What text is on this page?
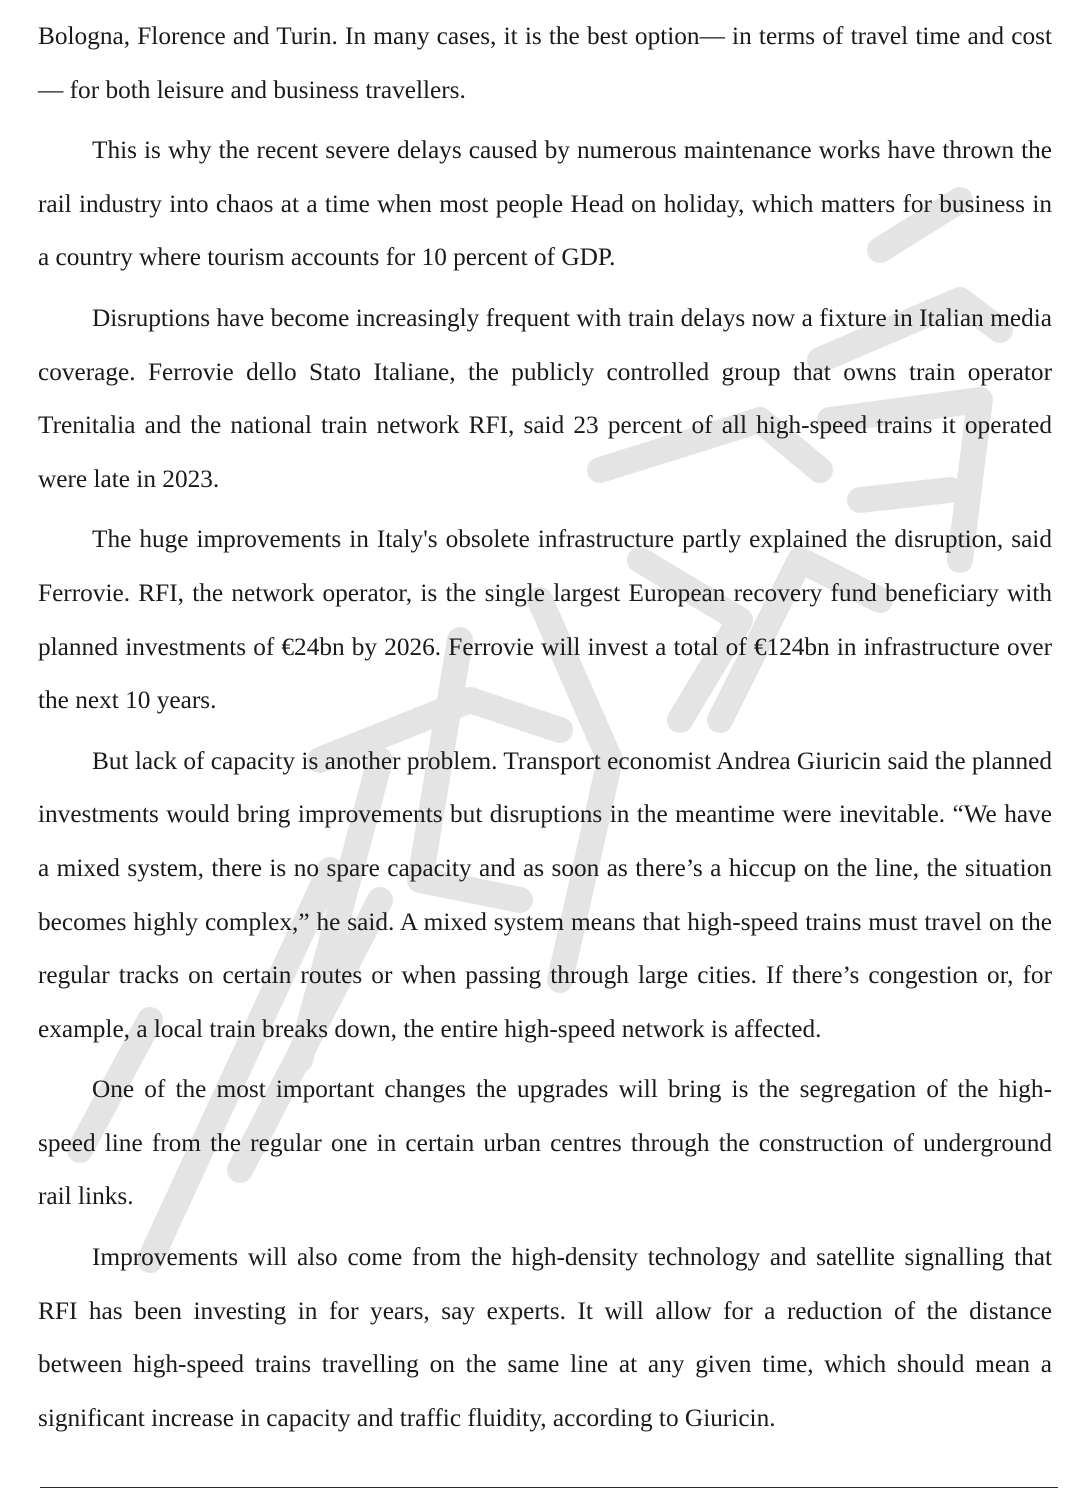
Bologna, Florence and Turin. In many cases, it is the best option— in terms of travel time and cost— for both leisure and business travellers.

This is why the recent severe delays caused by numerous maintenance works have thrown the rail industry into chaos at a time when most people Head on holiday, which matters for business in a country where tourism accounts for 10 percent of GDP.

Disruptions have become increasingly frequent with train delays now a fixture in Italian media coverage. Ferrovie dello Stato Italiane, the publicly controlled group that owns train operator Trenitalia and the national train network RFI, said 23 percent of all high-speed trains it operated were late in 2023.

The huge improvements in Italy's obsolete infrastructure partly explained the disruption, said Ferrovie. RFI, the network operator, is the single largest European recovery fund beneficiary with planned investments of €24bn by 2026. Ferrovie will invest a total of €124bn in infrastructure over the next 10 years.

But lack of capacity is another problem. Transport economist Andrea Giuricin said the planned investments would bring improvements but disruptions in the meantime were inevitable. “We have a mixed system, there is no spare capacity and as soon as there’s a hiccup on the line, the situation becomes highly complex,” he said. A mixed system means that high-speed trains must travel on the regular tracks on certain routes or when passing through large cities. If there’s congestion or, for example, a local train breaks down, the entire high-speed network is affected.

One of the most important changes the upgrades will bring is the segregation of the high-speed line from the regular one in certain urban centres through the construction of underground rail links.

Improvements will also come from the high-density technology and satellite signalling that RFI has been investing in for years, say experts. It will allow for a reduction of the distance between high-speed trains travelling on the same line at any given time, which should mean a significant increase in capacity and traffic fluidity, according to Giuricin.
